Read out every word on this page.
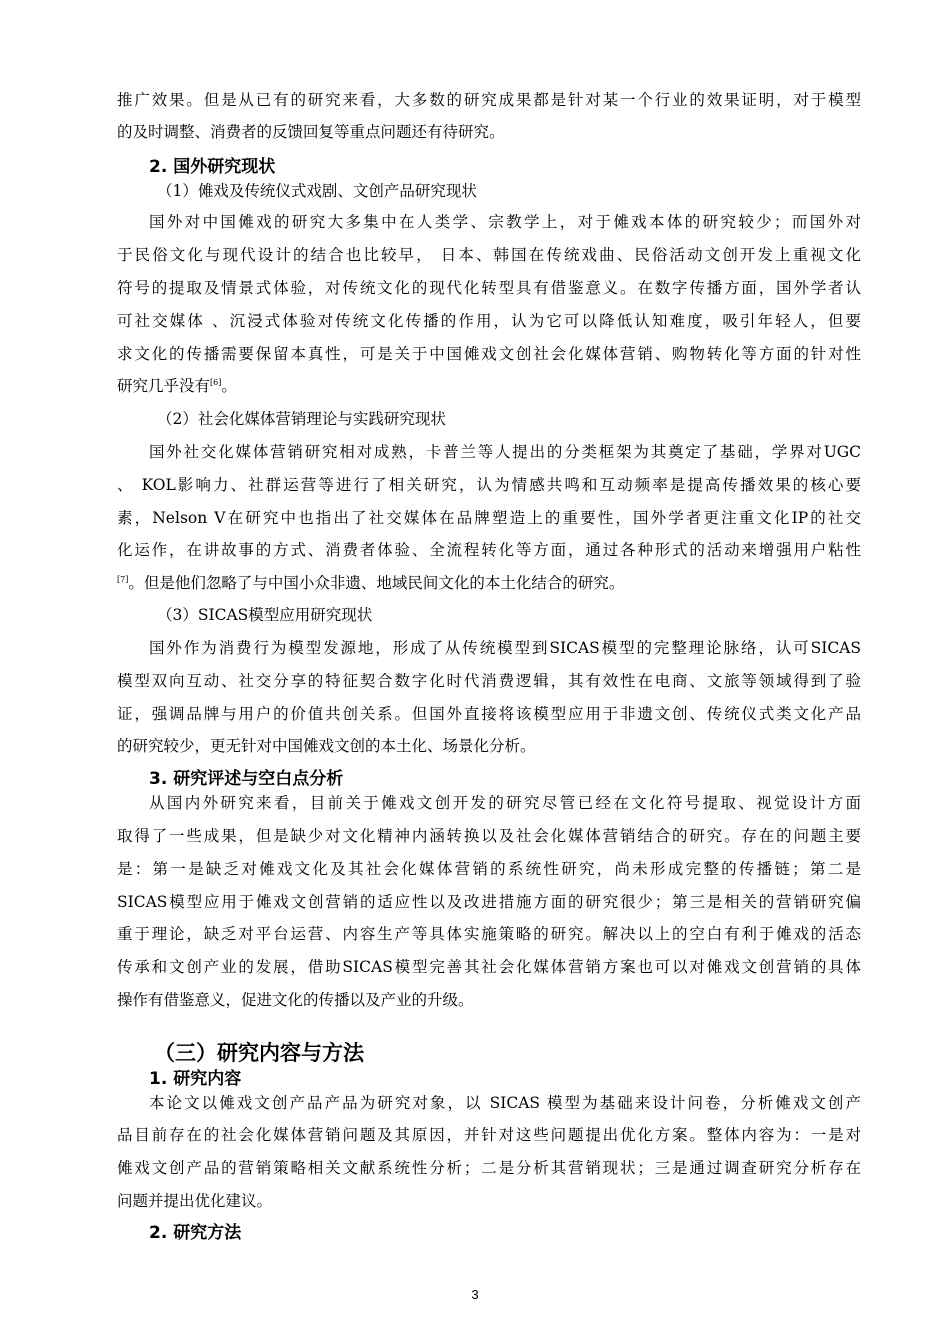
推广效果。但是从已有的研究来看，大多数的研究成果都是针对某一个行业的效果证明，对于模型
的及时调整、消费者的反馈回复等重点问题还有待研究。
2. 国外研究现状
（1）傩戏及传统仪式戏剧、文创产品研究现状
国外对中国傩戏的研究大多集中在人类学、宗教学上，对于傩戏本体的研究较少；而国外对
于民俗文化与现代设计的结合也比较早， 日本、韩国在传统戏曲、民俗活动文创开发上重视文化
符号的提取及情景式体验，对传统文化的现代化转型具有借鉴意义。在数字传播方面，国外学者认
可社交媒体 、沉浸式体验对传统文化传播的作用，认为它可以降低认知难度，吸引年轻人，但要
求文化的传播需要保留本真性，可是关于中国傩戏文创社会化媒体营销、购物转化等方面的针对性
研究几乎没有[6]。
（2）社会化媒体营销理论与实践研究现状
国外社交化媒体营销研究相对成熟，卡普兰等人提出的分类框架为其奠定了基础，学界对UGC
、 KOL影响力、社群运营等进行了相关研究，认为情感共鸣和互动频率是提高传播效果的核心要
素，Nelson V在研究中也指出了社交媒体在品牌塑造上的重要性，国外学者更注重文化IP的社交
化运作，在讲故事的方式、消费者体验、全流程转化等方面，通过各种形式的活动来增强用户粘性
[7]。但是他们忽略了与中国小众非遗、地域民间文化的本土化结合的研究。
（3）SICAS模型应用研究现状
国外作为消费行为模型发源地，形成了从传统模型到SICAS模型的完整理论脉络，认可SICAS
模型双向互动、社交分享的特征契合数字化时代消费逻辑，其有效性在电商、文旅等领域得到了验
证，强调品牌与用户的价值共创关系。但国外直接将该模型应用于非遗文创、传统仪式类文化产品
的研究较少，更无针对中国傩戏文创的本土化、场景化分析。
3. 研究评述与空白点分析
从国内外研究来看，目前关于傩戏文创开发的研究尽管已经在文化符号提取、视觉设计方面
取得了一些成果，但是缺少对文化精神内涵转换以及社会化媒体营销结合的研究。存在的问题主要
是：第一是缺乏对傩戏文化及其社会化媒体营销的系统性研究，尚未形成完整的传播链；第二是
SICAS模型应用于傩戏文创营销的适应性以及改进措施方面的研究很少；第三是相关的营销研究偏
重于理论，缺乏对平台运营、内容生产等具体实施策略的研究。解决以上的空白有利于傩戏的活态
传承和文创产业的发展，借助SICAS模型完善其社会化媒体营销方案也可以对傩戏文创营销的具体
操作有借鉴意义，促进文化的传播以及产业的升级。
（三）研究内容与方法
1. 研究内容
本论文以傩戏文创产品产品为研究对象，以 SICAS 模型为基础来设计问卷，分析傩戏文创产
品目前存在的社会化媒体营销问题及其原因，并针对这些问题提出优化方案。整体内容为：一是对
傩戏文创产品的营销策略相关文献系统性分析；二是分析其营销现状；三是通过调查研究分析存在
问题并提出优化建议。
2. 研究方法
3
